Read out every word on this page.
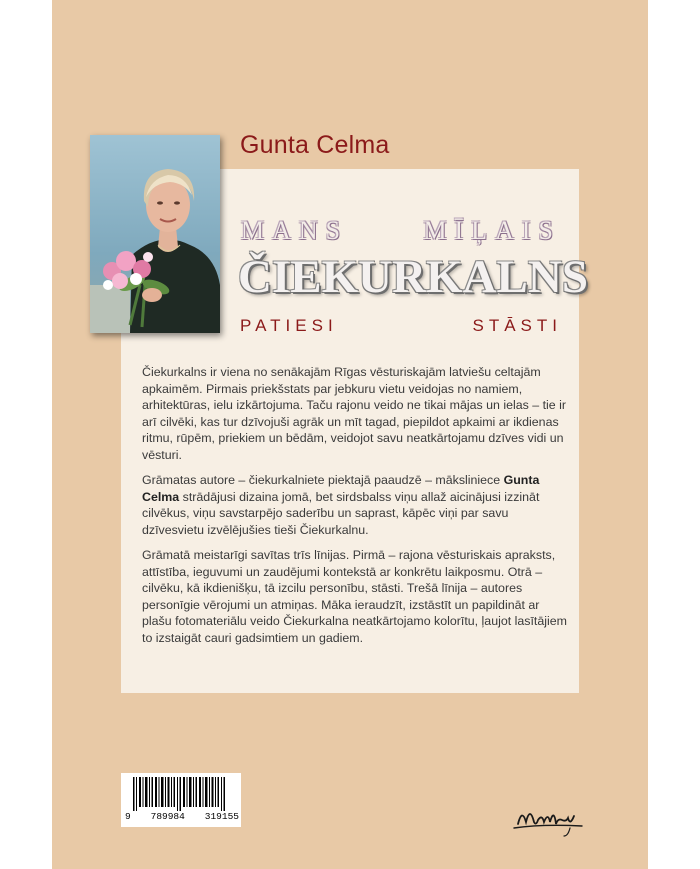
Gunta Celma
MANS	MĪĻAIS
ČIEKURKALNS
PATIESI	STĀSTI

Čiekurkalns ir viena no senākajām Rīgas vēsturiskajām latviešu celtajām apkaimēm. Pirmais priekšstats par jebkuru vietu veidojas no namiem, arhitektūras, ielu izkārtojuma. Taču rajonu veido ne tikai mājas un ielas – tie ir arī cilvēki, kas tur dzīvojuši agrāk un mīt tagad, piepildot apkaimi ar ikdienas ritmu, rūpēm, priekiem un bēdām, veidojot savu neatkārtojamu dzīves vidi un vēsturi.

Grāmatas autore – čiekurkalniete piektajā paaudzē – māksliniece Gunta Celma strādājusi dizaina jomā, bet sirdsbalss viņu allaž aicinājusi izzināt cilvēkus, viņu savstarpējo saderību un saprast, kāpēc viņi par savu dzīvesvietu izvēlējušies tieši Čiekurkalnu.

Grāmatā meistarīgi savītas trīs līnijas. Pirmā – rajona vēsturiskais apraksts, attīstība, ieguvumi un zaudējumi kontekstā ar konkrētu laikposmu. Otrā – cilvēku, kā ikdienišķu, tā izcilu personību, stāsti. Trešā līnija – autores personīgie vērojumi un atmiņas. Māka ieraudzīt, izstāstīt un papildināt ar plašu fotomateriālu veido Čiekurkalna neatkārtojamo kolorītu, ļaujot lasītājiem to izstaigāt cauri gadsimtiem un gadiem.

9 789984 319155
